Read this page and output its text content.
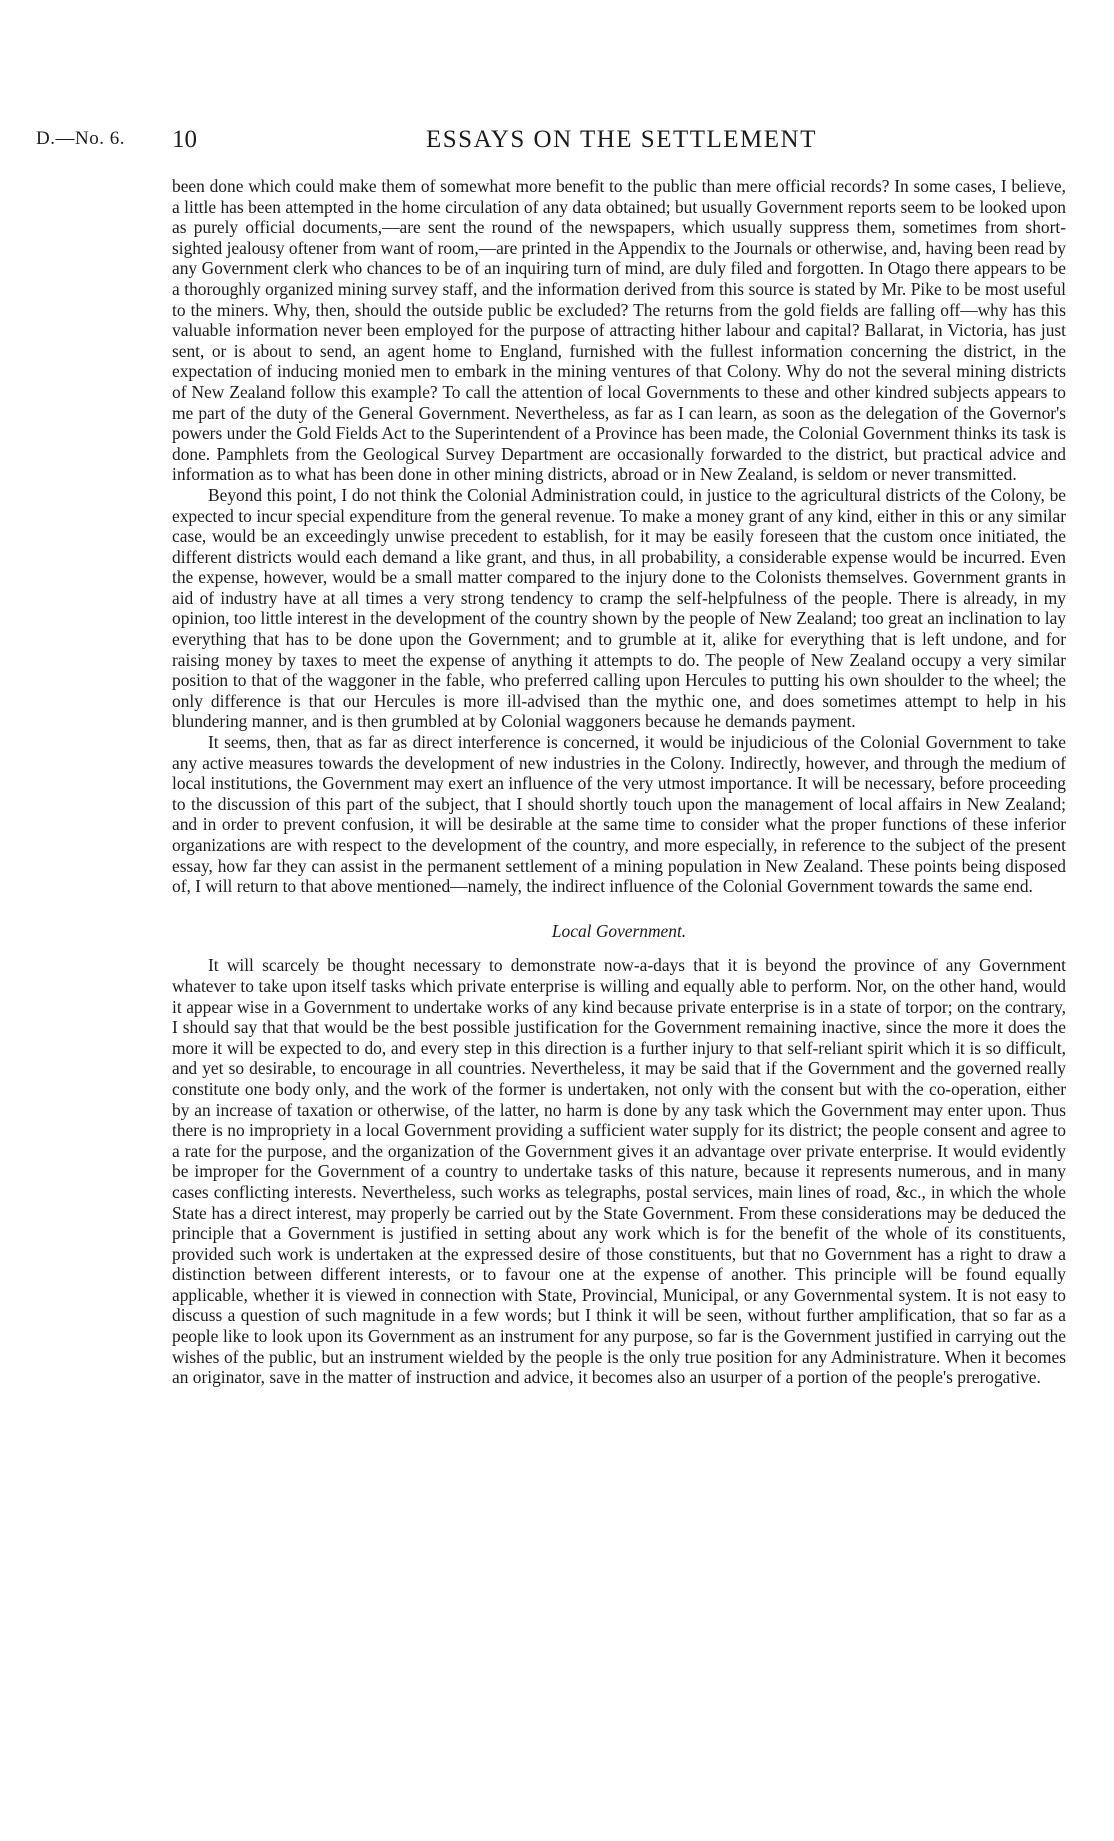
D.—No. 6. 10	ESSAYS ON THE SETTLEMENT

been done which could make them of somewhat more benefit to the public than mere official records? In some cases, I believe, a little has been attempted in the home circulation of any data obtained; but usually Government reports seem to be looked upon as purely official documents,—are sent the round of the newspapers, which usually suppress them, sometimes from short-sighted jealousy oftener from want of room,—are printed in the Appendix to the Journals or otherwise, and, having been read by any Government clerk who chances to be of an inquiring turn of mind, are duly filed and forgotten. In Otago there appears to be a thoroughly organized mining survey staff, and the information derived from this source is stated by Mr. Pike to be most useful to the miners. Why, then, should the outside public be excluded? The returns from the gold fields are falling off—why has this valuable information never been employed for the purpose of attracting hither labour and capital? Ballarat, in Victoria, has just sent, or is about to send, an agent home to England, furnished with the fullest information concerning the district, in the expectation of inducing monied men to embark in the mining ventures of that Colony. Why do not the several mining districts of New Zealand follow this example? To call the attention of local Governments to these and other kindred subjects appears to me part of the duty of the General Government. Nevertheless, as far as I can learn, as soon as the delegation of the Governor's powers under the Gold Fields Act to the Superintendent of a Province has been made, the Colonial Government thinks its task is done. Pamphlets from the Geological Survey Department are occasionally forwarded to the district, but practical advice and information as to what has been done in other mining districts, abroad or in New Zealand, is seldom or never transmitted.

Beyond this point, I do not think the Colonial Administration could, in justice to the agricultural districts of the Colony, be expected to incur special expenditure from the general revenue. To make a money grant of any kind, either in this or any similar case, would be an exceedingly unwise precedent to establish, for it may be easily foreseen that the custom once initiated, the different districts would each demand a like grant, and thus, in all probability, a considerable expense would be incurred. Even the expense, however, would be a small matter compared to the injury done to the Colonists themselves. Government grants in aid of industry have at all times a very strong tendency to cramp the self-helpfulness of the people. There is already, in my opinion, too little interest in the development of the country shown by the people of New Zealand; too great an inclination to lay everything that has to be done upon the Government; and to grumble at it, alike for everything that is left undone, and for raising money by taxes to meet the expense of anything it attempts to do. The people of New Zealand occupy a very similar position to that of the waggoner in the fable, who preferred calling upon Hercules to putting his own shoulder to the wheel; the only difference is that our Hercules is more ill-advised than the mythic one, and does sometimes attempt to help in his blundering manner, and is then grumbled at by Colonial waggoners because he demands payment.

It seems, then, that as far as direct interference is concerned, it would be injudicious of the Colonial Government to take any active measures towards the development of new industries in the Colony. Indirectly, however, and through the medium of local institutions, the Government may exert an influence of the very utmost importance. It will be necessary, before proceeding to the discussion of this part of the subject, that I should shortly touch upon the management of local affairs in New Zealand; and in order to prevent confusion, it will be desirable at the same time to consider what the proper functions of these inferior organizations are with respect to the development of the country, and more especially, in reference to the subject of the present essay, how far they can assist in the permanent settlement of a mining population in New Zealand. These points being disposed of, I will return to that above mentioned—namely, the indirect influence of the Colonial Government towards the same end.

Local Government.

It will scarcely be thought necessary to demonstrate now-a-days that it is beyond the province of any Government whatever to take upon itself tasks which private enterprise is willing and equally able to perform. Nor, on the other hand, would it appear wise in a Government to undertake works of any kind because private enterprise is in a state of torpor; on the contrary, I should say that that would be the best possible justification for the Government remaining inactive, since the more it does the more it will be expected to do, and every step in this direction is a further injury to that self-reliant spirit which it is so difficult, and yet so desirable, to encourage in all countries. Nevertheless, it may be said that if the Government and the governed really constitute one body only, and the work of the former is undertaken, not only with the consent but with the co-operation, either by an increase of taxation or otherwise, of the latter, no harm is done by any task which the Government may enter upon. Thus there is no impropriety in a local Government providing a sufficient water supply for its district; the people consent and agree to a rate for the purpose, and the organization of the Government gives it an advantage over private enterprise. It would evidently be improper for the Government of a country to undertake tasks of this nature, because it represents numerous, and in many cases conflicting interests. Nevertheless, such works as telegraphs, postal services, main lines of road, &c., in which the whole State has a direct interest, may properly be carried out by the State Government. From these considerations may be deduced the principle that a Government is justified in setting about any work which is for the benefit of the whole of its constituents, provided such work is undertaken at the expressed desire of those constituents, but that no Government has a right to draw a distinction between different interests, or to favour one at the expense of another. This principle will be found equally applicable, whether it is viewed in connection with State, Provincial, Municipal, or any Governmental system. It is not easy to discuss a question of such magnitude in a few words; but I think it will be seen, without further amplification, that so far as a people like to look upon its Government as an instrument for any purpose, so far is the Government justified in carrying out the wishes of the public, but an instrument wielded by the people is the only true position for any Administrature. When it becomes an originator, save in the matter of instruction and advice, it becomes also an usurper of a portion of the people's prerogative.
